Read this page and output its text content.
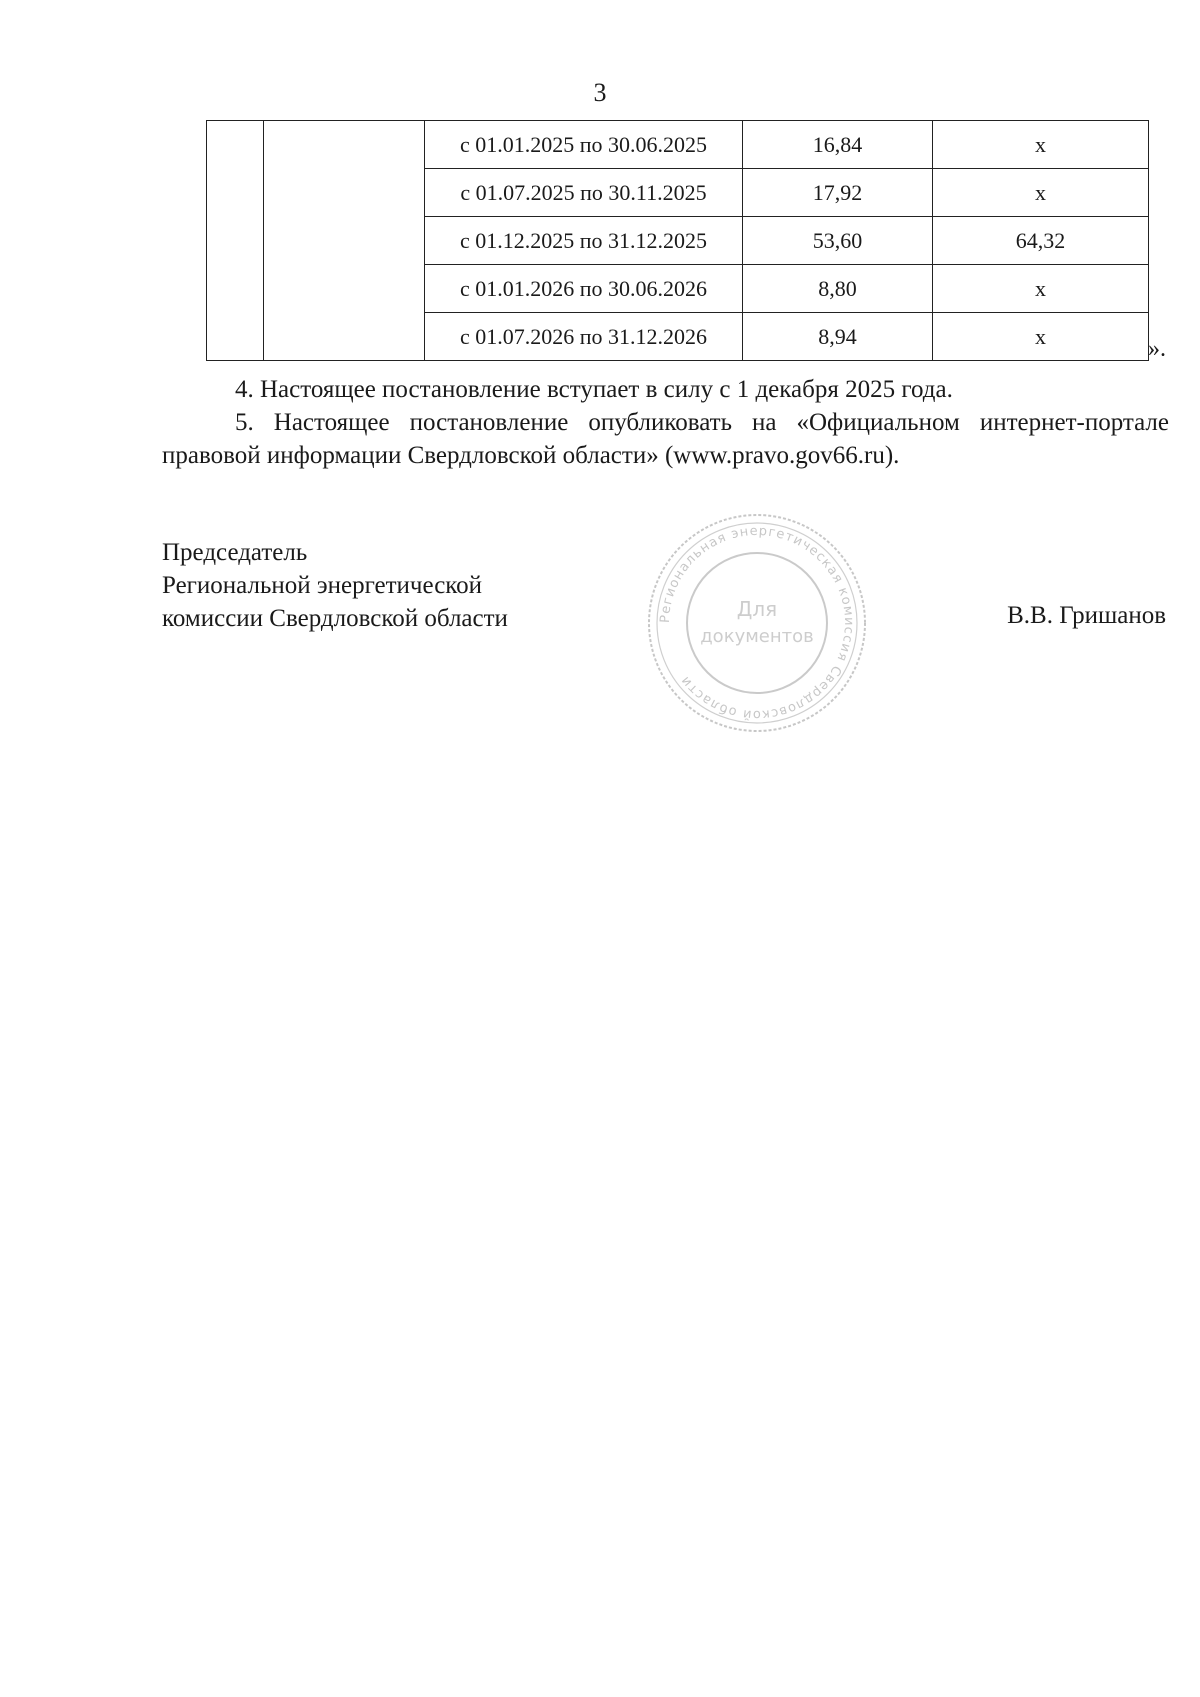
3
		с 01.01.2025 по 30.06.2025	16,84	х
		с 01.07.2025 по 30.11.2025	17,92	х
		с 01.12.2025 по 31.12.2025	53,60	64,32
		с 01.01.2026 по 30.06.2026	8,80	х
		с 01.07.2026 по 31.12.2026	8,94	х	».
4. Настоящее постановление вступает в силу с 1 декабря 2025 года.
5. Настоящее постановление опубликовать на «Официальном интернет-портале правовой информации Свердловской области» (www.pravo.gov66.ru).
Председатель
Региональной энергетической
комиссии Свердловской области	В.В. Гришанов
Региональная энергетическая комиссия Свердловской области
Для
документов
